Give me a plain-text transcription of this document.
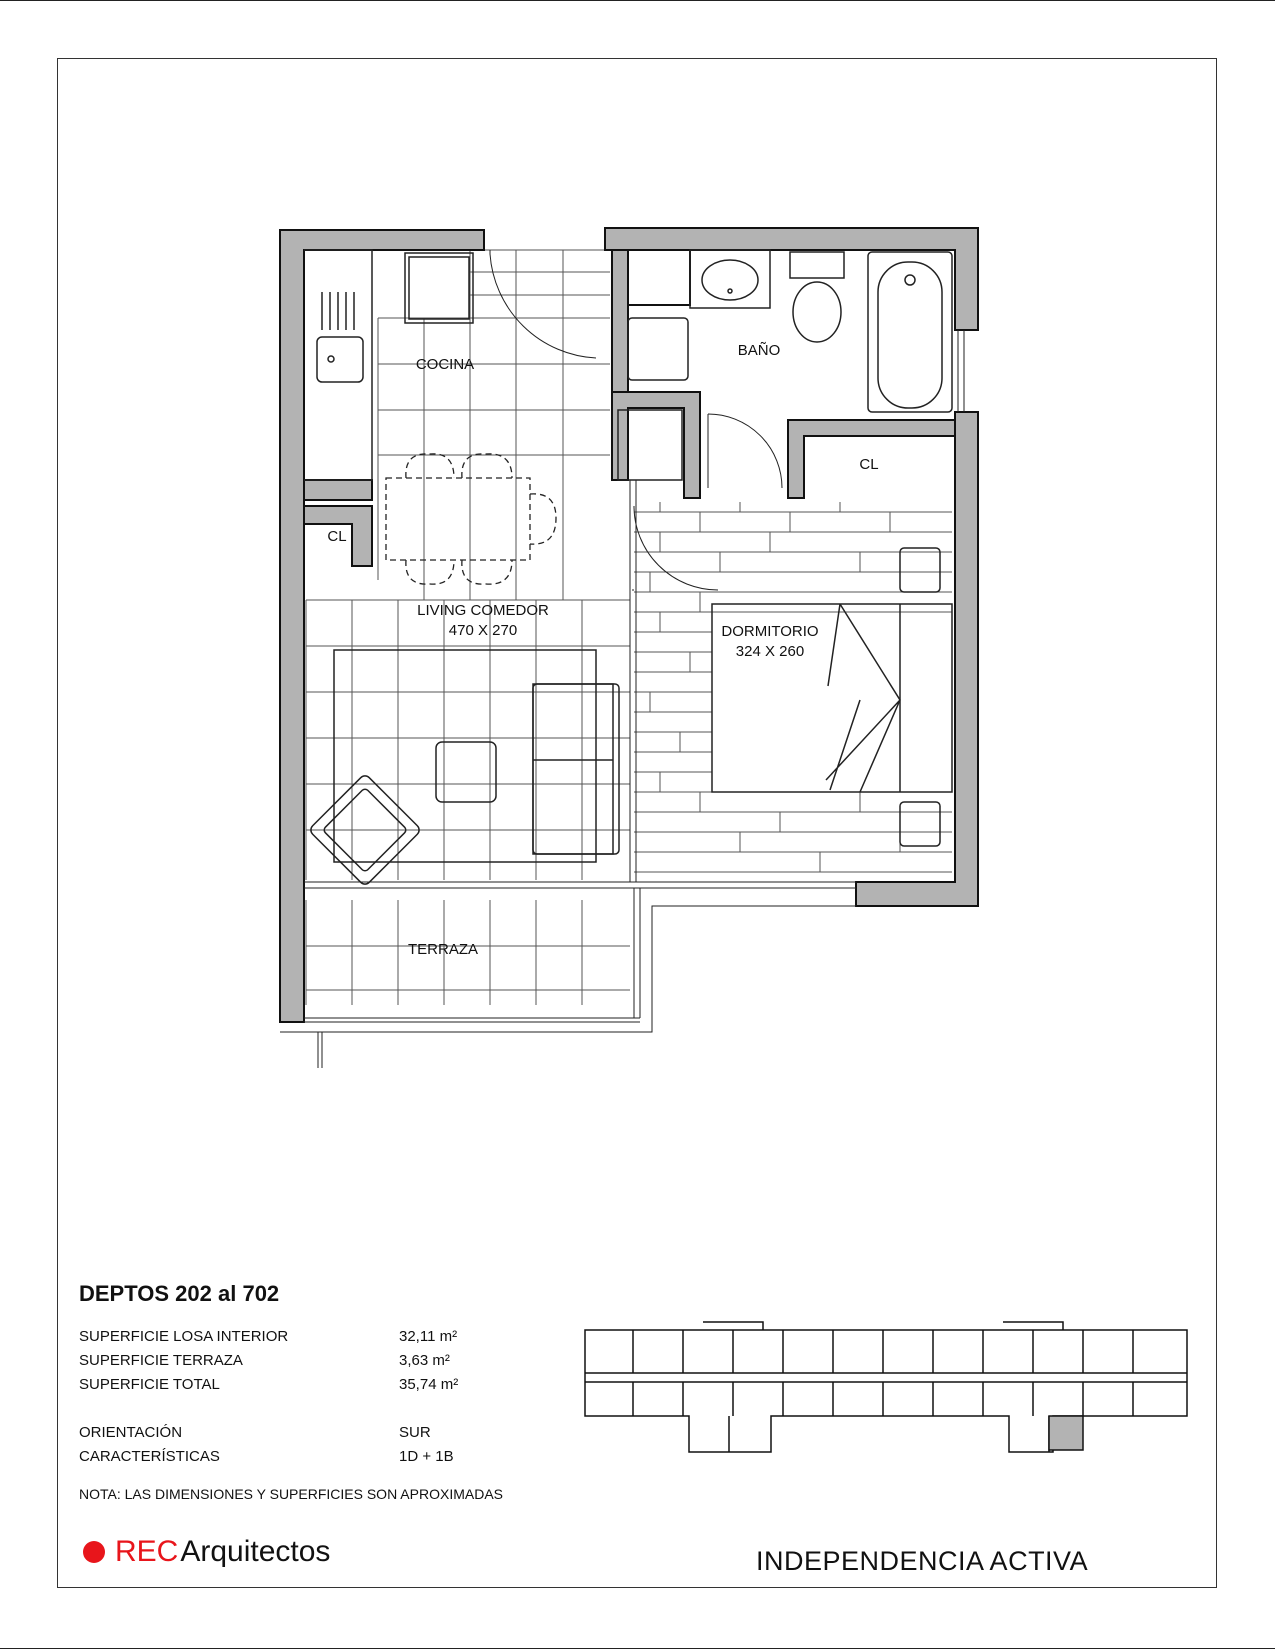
COCINA
BAÑO
CL
CL
LIVING COMEDOR
470 X 270	DORMITORIO
324 X 260
TERRAZA
DEPTOS 202 al 702
SUPERFICIE LOSA INTERIOR	32,11 m²
SUPERFICIE TERRAZA	3,63 m²
SUPERFICIE TOTAL	35,74 m²
ORIENTACIÓN	SUR
CARACTERÍSTICAS	1D + 1B
NOTA: LAS DIMENSIONES Y SUPERFICIES SON APROXIMADAS
REC Arquitectos	INDEPENDENCIA ACTIVA
